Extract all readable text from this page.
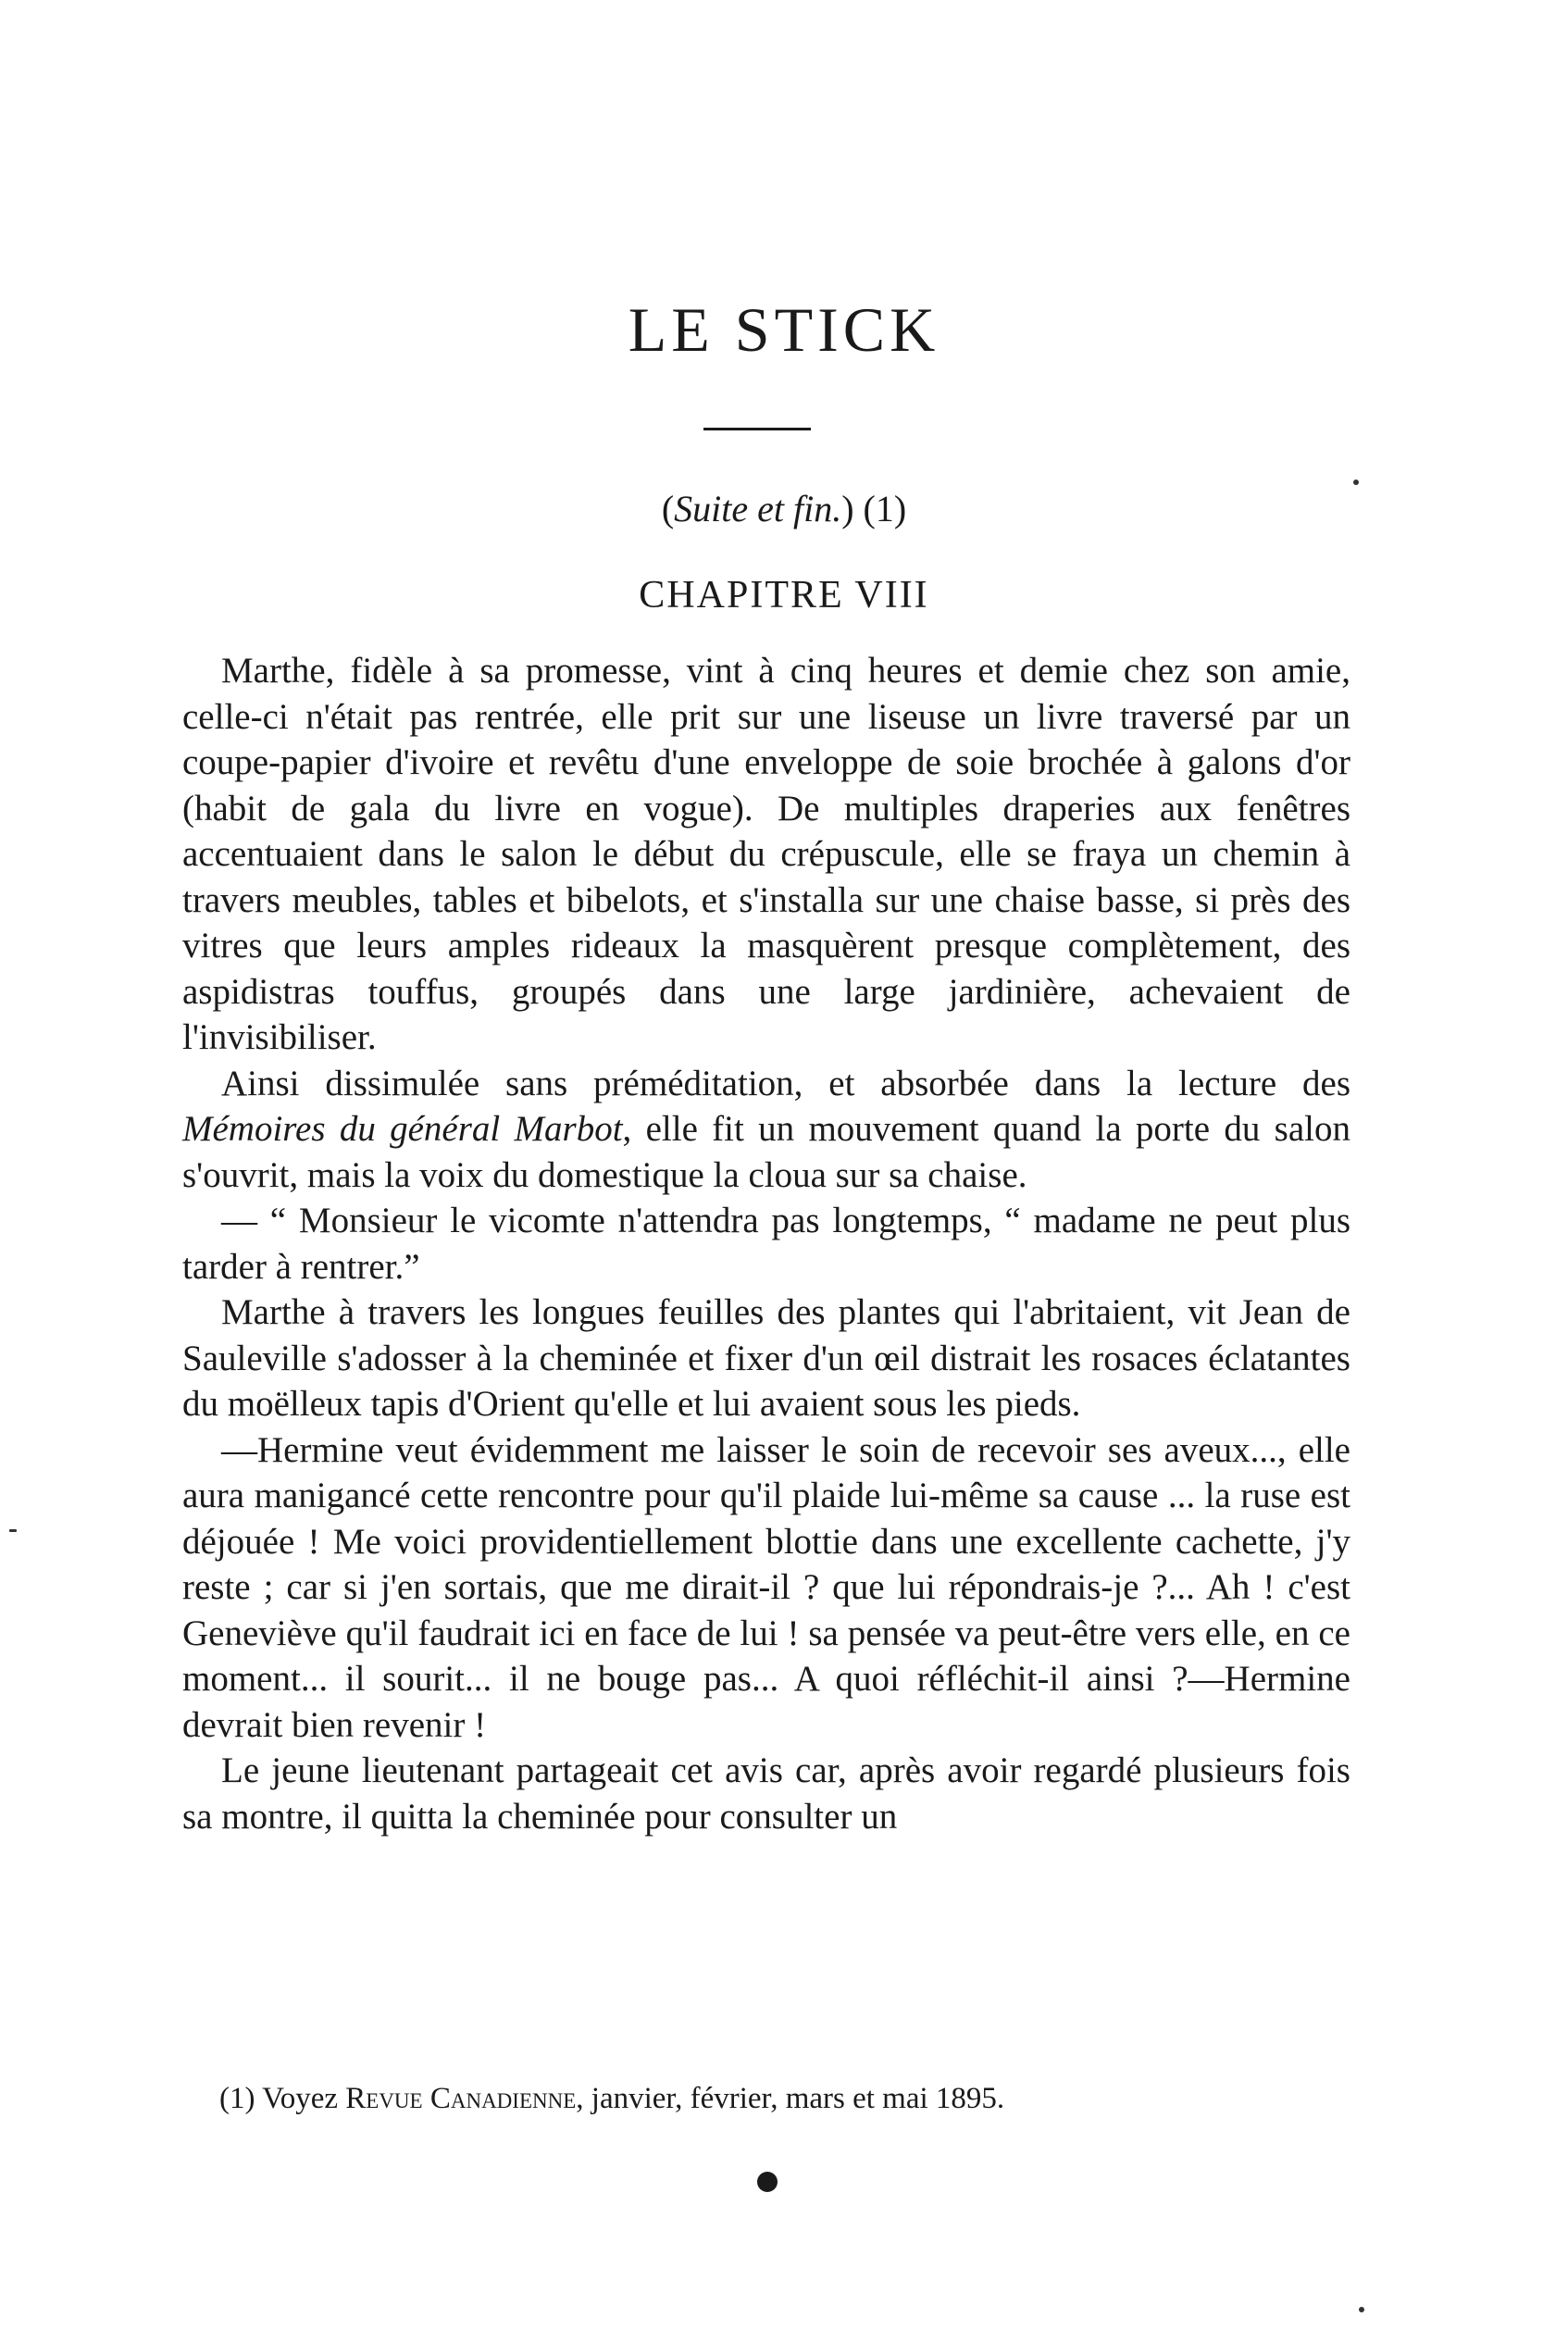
LE STICK
(Suite et fin.) (1)
CHAPITRE VIII

Marthe, fidèle à sa promesse, vint à cinq heures et demie chez son amie, celle-ci n'était pas rentrée, elle prit sur une liseuse un livre traversé par un coupe-papier d'ivoire et revêtu d'une enveloppe de soie brochée à galons d'or (habit de gala du livre en vogue). De multiples draperies aux fenêtres accentuaient dans le salon le début du crépuscule, elle se fraya un chemin à travers meubles, tables et bibelots, et s'installa sur une chaise basse, si près des vitres que leurs amples rideaux la masquèrent presque complètement, des aspidistras touffus, groupés dans une large jardinière, achevaient de l'invisibiliser.

Ainsi dissimulée sans préméditation, et absorbée dans la lecture des Mémoires du général Marbot, elle fit un mouvement quand la porte du salon s'ouvrit, mais la voix du domestique la cloua sur sa chaise.

— “ Monsieur le vicomte n'attendra pas longtemps, “ madame ne peut plus tarder à rentrer.”

Marthe à travers les longues feuilles des plantes qui l'abritaient, vit Jean de Sauleville s'adosser à la cheminée et fixer d'un œil distrait les rosaces éclatantes du moëlleux tapis d'Orient qu'elle et lui avaient sous les pieds.

—Hermine veut évidemment me laisser le soin de recevoir ses aveux..., elle aura manigancé cette rencontre pour qu'il plaide lui-même sa cause ... la ruse est déjouée ! Me voici providentiellement blottie dans une excellente cachette, j'y reste ; car si j'en sortais, que me dirait-il ? que lui répondrais-je ?... Ah ! c'est Geneviève qu'il faudrait ici en face de lui ! sa pensée va peut-être vers elle, en ce moment... il sourit... il ne bouge pas... A quoi réfléchit-il ainsi ?—Hermine devrait bien revenir !

Le jeune lieutenant partageait cet avis car, après avoir regardé plusieurs fois sa montre, il quitta la cheminée pour consulter un

(1) Voyez Revue Canadienne, janvier, février, mars et mai 1895.
